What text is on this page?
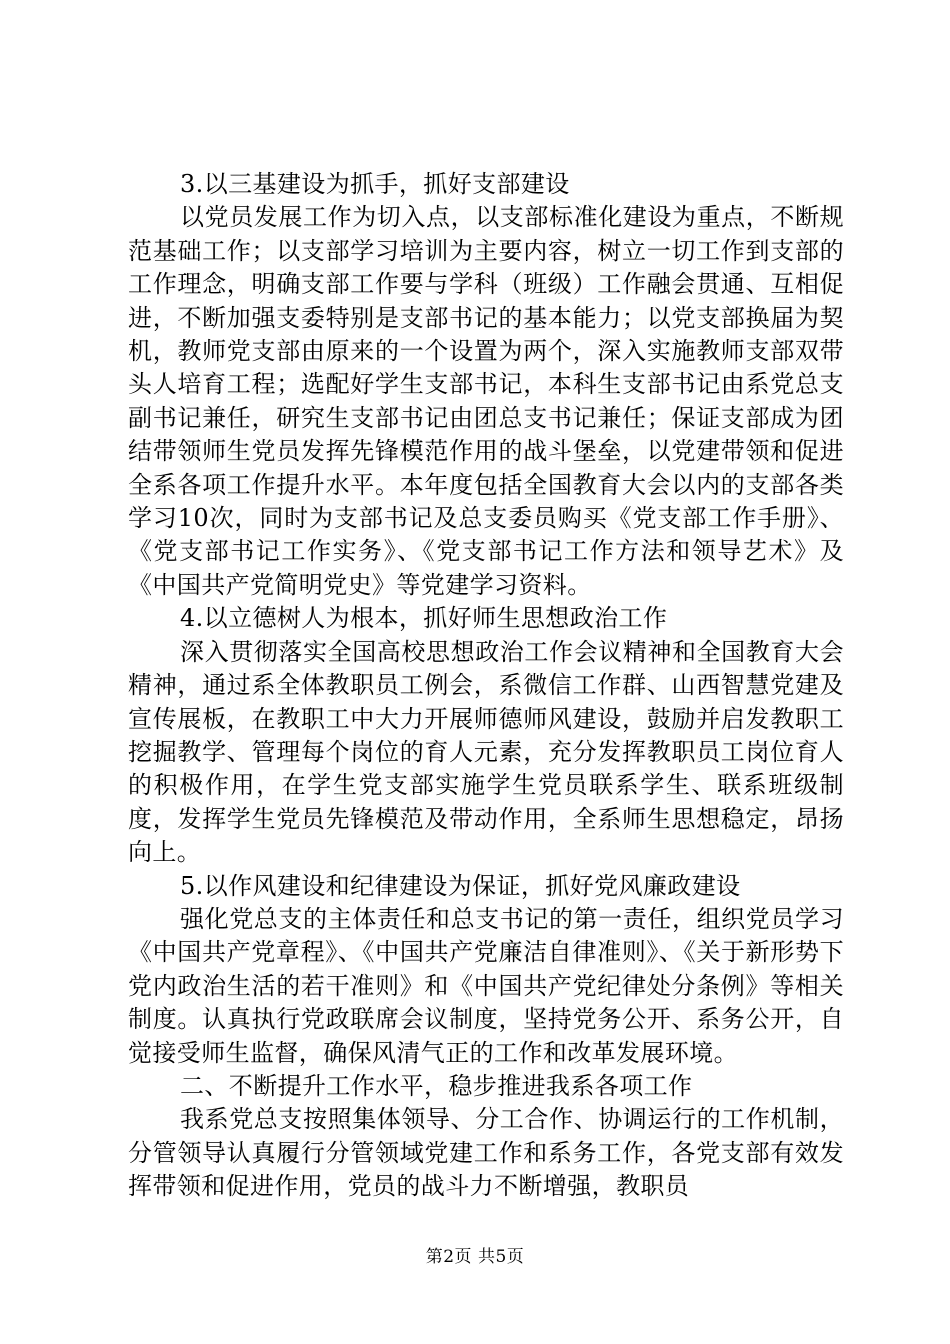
3.以三基建设为抓手，抓好支部建设

以党员发展工作为切入点，以支部标准化建设为重点，不断规范基础工作；以支部学习培训为主要内容，树立一切工作到支部的工作理念，明确支部工作要与学科（班级）工作融会贯通、互相促进，不断加强支委特别是支部书记的基本能力；以党支部换届为契机，教师党支部由原来的一个设置为两个，深入实施教师支部双带头人培育工程；选配好学生支部书记，本科生支部书记由系党总支副书记兼任，研究生支部书记由团总支书记兼任；保证支部成为团结带领师生党员发挥先锋模范作用的战斗堡垒，以党建带领和促进全系各项工作提升水平。本年度包括全国教育大会以内的支部各类学习10次，同时为支部书记及总支委员购买《党支部工作手册》、《党支部书记工作实务》、《党支部书记工作方法和领导艺术》及《中国共产党简明党史》等党建学习资料。

4.以立德树人为根本，抓好师生思想政治工作

深入贯彻落实全国高校思想政治工作会议精神和全国教育大会精神，通过系全体教职员工例会，系微信工作群、山西智慧党建及宣传展板，在教职工中大力开展师德师风建设，鼓励并启发教职工挖掘教学、管理每个岗位的育人元素，充分发挥教职员工岗位育人的积极作用，在学生党支部实施学生党员联系学生、联系班级制度，发挥学生党员先锋模范及带动作用，全系师生思想稳定，昂扬向上。

5.以作风建设和纪律建设为保证，抓好党风廉政建设

强化党总支的主体责任和总支书记的第一责任，组织党员学习《中国共产党章程》、《中国共产党廉洁自律准则》、《关于新形势下党内政治生活的若干准则》和《中国共产党纪律处分条例》等相关制度。认真执行党政联席会议制度，坚持党务公开、系务公开，自觉接受师生监督，确保风清气正的工作和改革发展环境。

二、不断提升工作水平，稳步推进我系各项工作

我系党总支按照集体领导、分工合作、协调运行的工作机制，分管领导认真履行分管领域党建工作和系务工作，各党支部有效发挥带领和促进作用，党员的战斗力不断增强，教职员

第2页 共5页
